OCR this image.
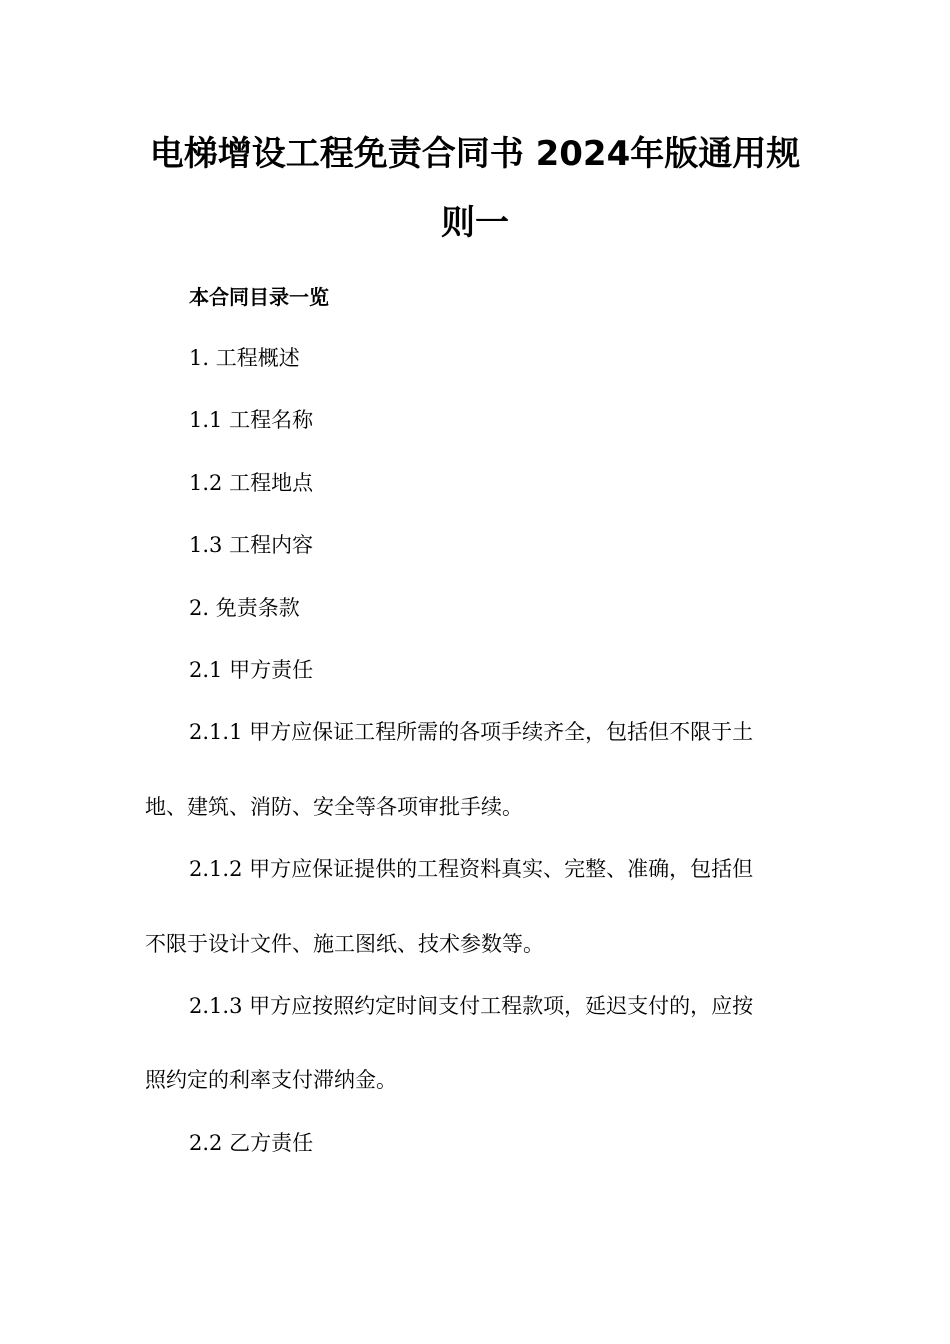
电梯增设工程免责合同书 2024年版通用规
则一
本合同目录一览
1. 工程概述
1.1 工程名称
1.2 工程地点
1.3 工程内容
2. 免责条款
2.1 甲方责任
2.1.1 甲方应保证工程所需的各项手续齐全，包括但不限于土
地、建筑、消防、安全等各项审批手续。
2.1.2 甲方应保证提供的工程资料真实、完整、准确，包括但
不限于设计文件、施工图纸、技术参数等。
2.1.3 甲方应按照约定时间支付工程款项，延迟支付的，应按
照约定的利率支付滞纳金。
2.2 乙方责任
